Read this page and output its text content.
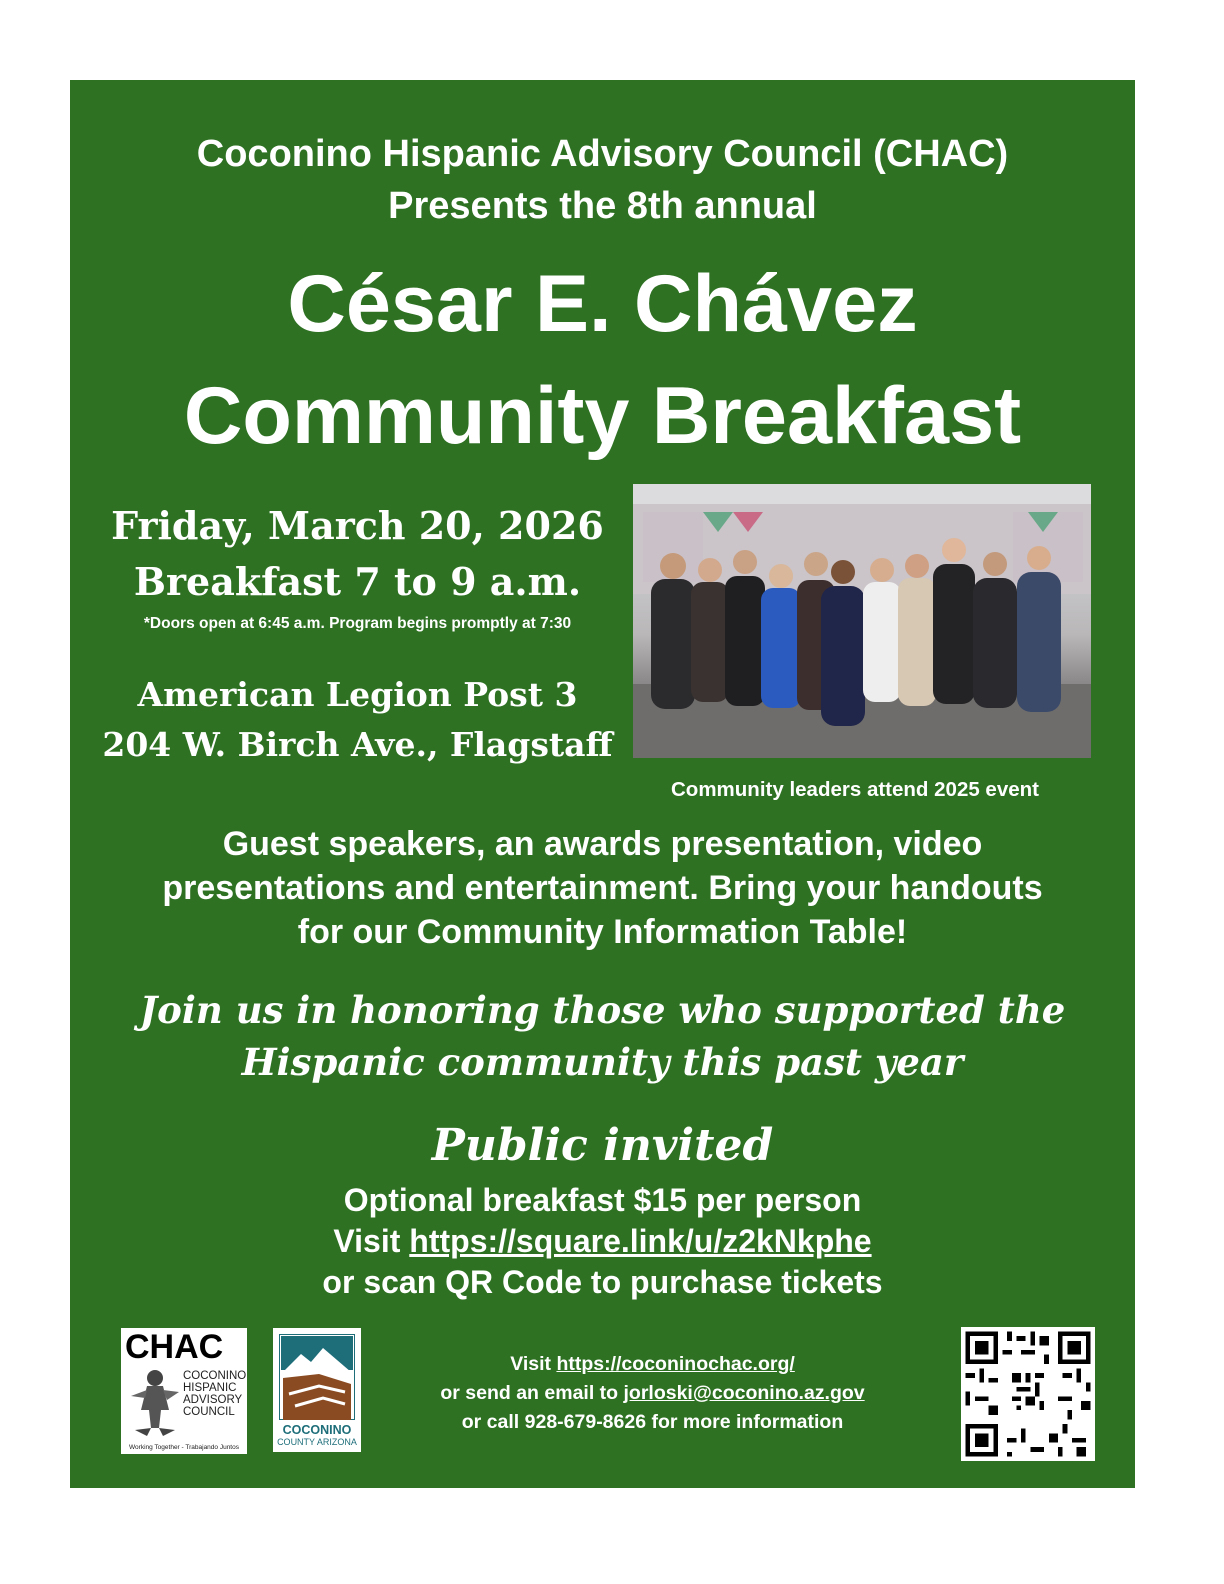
Coconino Hispanic Advisory Council (CHAC)
Presents the 8th annual
César E. Chávez
Community Breakfast
Friday, March 20, 2026
Breakfast 7 to 9 a.m.
*Doors open at 6:45 a.m. Program begins promptly at 7:30
American Legion Post 3
204 W. Birch Ave., Flagstaff
Community leaders attend 2025 event
Guest speakers, an awards presentation, video
presentations and entertainment. Bring your handouts
for our Community Information Table!
Join us in honoring those who supported the
Hispanic community this past year
Public invited
Optional breakfast $15 per person
Visit https://square.link/u/z2kNkphe
or scan QR Code to purchase tickets
CHAC
COCONINO
HISPANIC
ADVISORY
COUNCIL
Working Together - Trabajando Juntos
COCONINO
COUNTY ARIZONA
Visit https://coconinochac.org/
or send an email to jorloski@coconino.az.gov
or call 928-679-8626 for more information
